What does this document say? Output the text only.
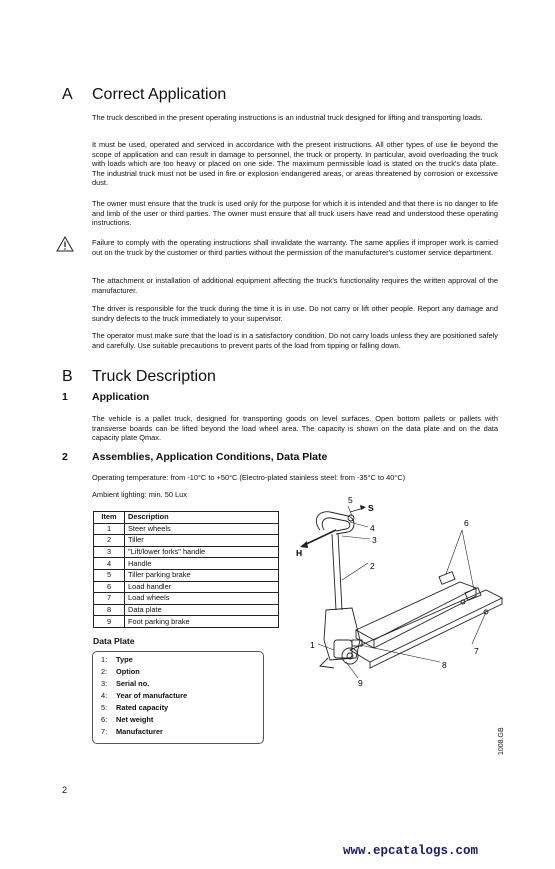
A Correct Application

The truck described in the present operating instructions is an industrial truck designed for lifting and transporting loads.

It must be used, operated and serviced in accordance with the present instructions. All other types of use lie beyond the scope of application and can result in damage to personnel, the truck or property. In particular, avoid overloading the truck with loads which are too heavy or placed on one side. The maximum permissible load is stated on the truck's data plate. The industrial truck must not be used in fire or explosion endangered areas, or areas threatened by corrosion or excessive dust.

The owner must ensure that the truck is used only for the purpose for which it is intended and that there is no danger to life and limb of the user or third parties. The owner must ensure that all truck users have read and understood these operating instructions.

Failure to comply with the operating instructions shall invalidate the warranty. The same applies if improper work is carried out on the truck by the customer or third parties without the permission of the manufacturer's customer service department.

The attachment or installation of additional equipment affecting the truck's functionality requires the written approval of the manufacturer.

The driver is responsible for the truck during the time it is in use. Do not carry or lift other people. Report any damage and sundry defects to the truck immediately to your supervisor.

The operator must make sure that the load is in a satisfactory condition. Do not carry loads unless they are positioned safely and carefully. Use suitable precautions to prevent parts of the load from tipping or falling down.

B Truck Description
1 Application

The vehicle is a pallet truck, designed for transporting goods on level surfaces. Open bottom pallets or pallets with transverse boards can be lifted beyond the load wheel area. The capacity is shown on the data plate and on the data capacity plate Qmax.

2 Assemblies, Application Conditions, Data Plate

Operating temperature: from -10°C to +50°C (Electro-plated stainless steel: from -35°C to 40°C)

Ambient lighting: min. 50 Lux

Item	Description
1	Steer wheels
2	Tiller
3	"Lift/lower forks" handle
4	Handle
5	Tiller parking brake
6	Load handler
7	Load wheels
8	Data plate
9	Foot parking brake
Data Plate
1: Type
2: Option
3: Serial no.
4: Year of manufacture
5: Rated capacity
6: Net weight
7: Manufacturer
5
S
4
3
H
2
6
7
8
1
9
1008.GB
2
www.epcatalogs.com
